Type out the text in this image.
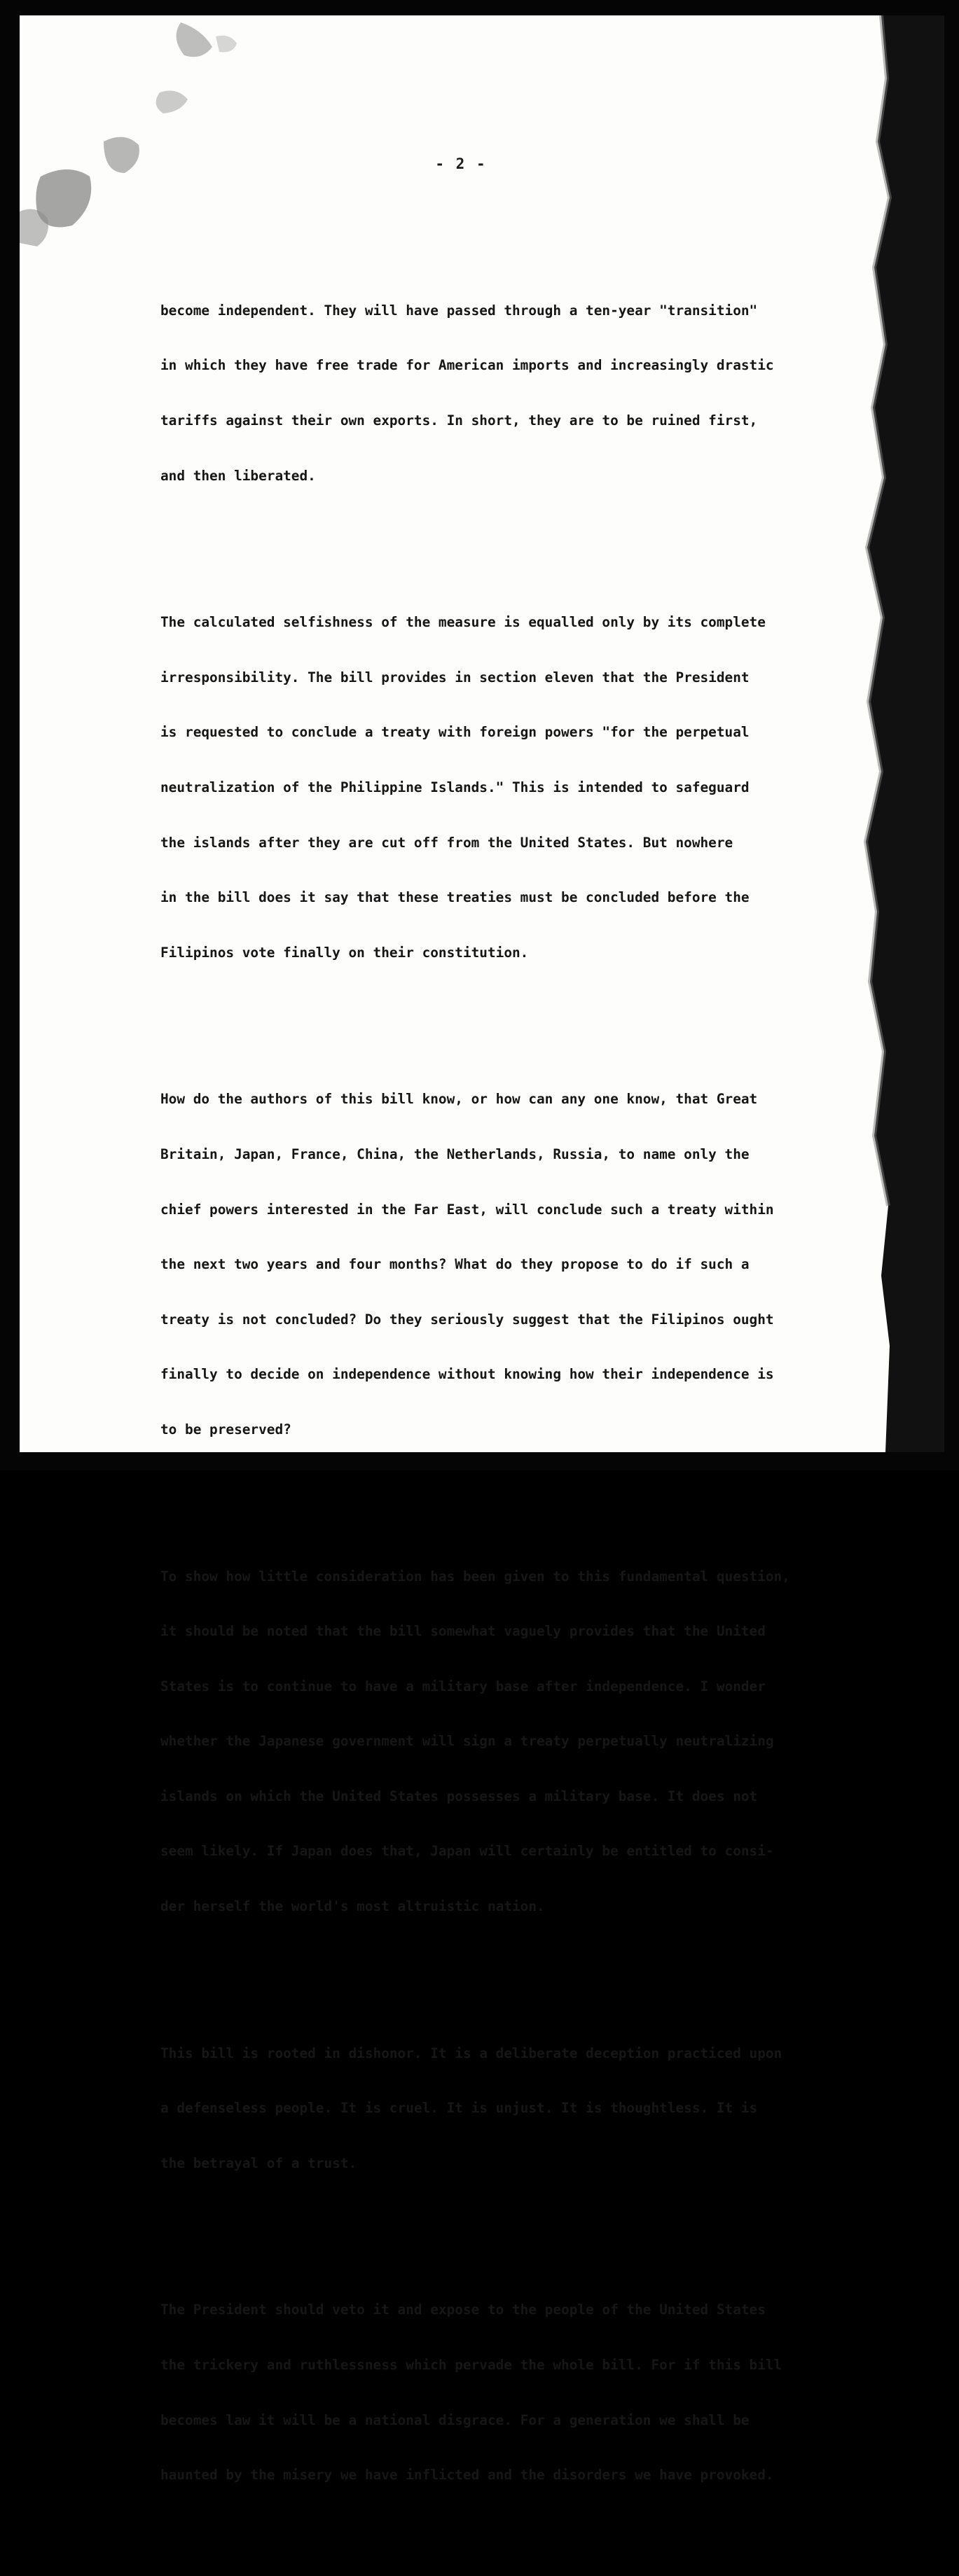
- 2 -

become independent. They will have passed through a ten-year "transition"

in which they have free trade for American imports and increasingly drastic

tariffs against their own exports. In short, they are to be ruined first,

and then liberated.

The calculated selfishness of the measure is equalled only by its complete

irresponsibility. The bill provides in section eleven that the President

is requested to conclude a treaty with foreign powers "for the perpetual

neutralization of the Philippine Islands." This is intended to safeguard

the islands after they are cut off from the United States. But nowhere

in the bill does it say that these treaties must be concluded before the

Filipinos vote finally on their constitution.

How do the authors of this bill know, or how can any one know, that Great

Britain, Japan, France, China, the Netherlands, Russia, to name only the

chief powers interested in the Far East, will conclude such a treaty within

the next two years and four months? What do they propose to do if such a

treaty is not concluded? Do they seriously suggest that the Filipinos ought

finally to decide on independence without knowing how their independence is

to be preserved?

To show how little consideration has been given to this fundamental question,

it should be noted that the bill somewhat vaguely provides that the United

States is to continue to have a military base after independence. I wonder

whether the Japanese government will sign a treaty perpetually neutralizing

islands on which the United States possesses a military base. It does not

seem likely. If Japan does that, Japan will certainly be entitled to consi-

der herself the world's most altruistic nation.

This bill is rooted in dishonor. It is a deliberate deception practiced upon

a defenseless people. It is cruel. It is unjust. It is thoughtless. It is

the betrayal of a trust.

The President should veto it and expose to the people of the United States

the trickery and ruthlessness which pervade the whole bill. For if this bill

becomes law it will be a national disgrace. For a generation we shall be

haunted by the misery we have inflicted and the disorders we have provoked.
